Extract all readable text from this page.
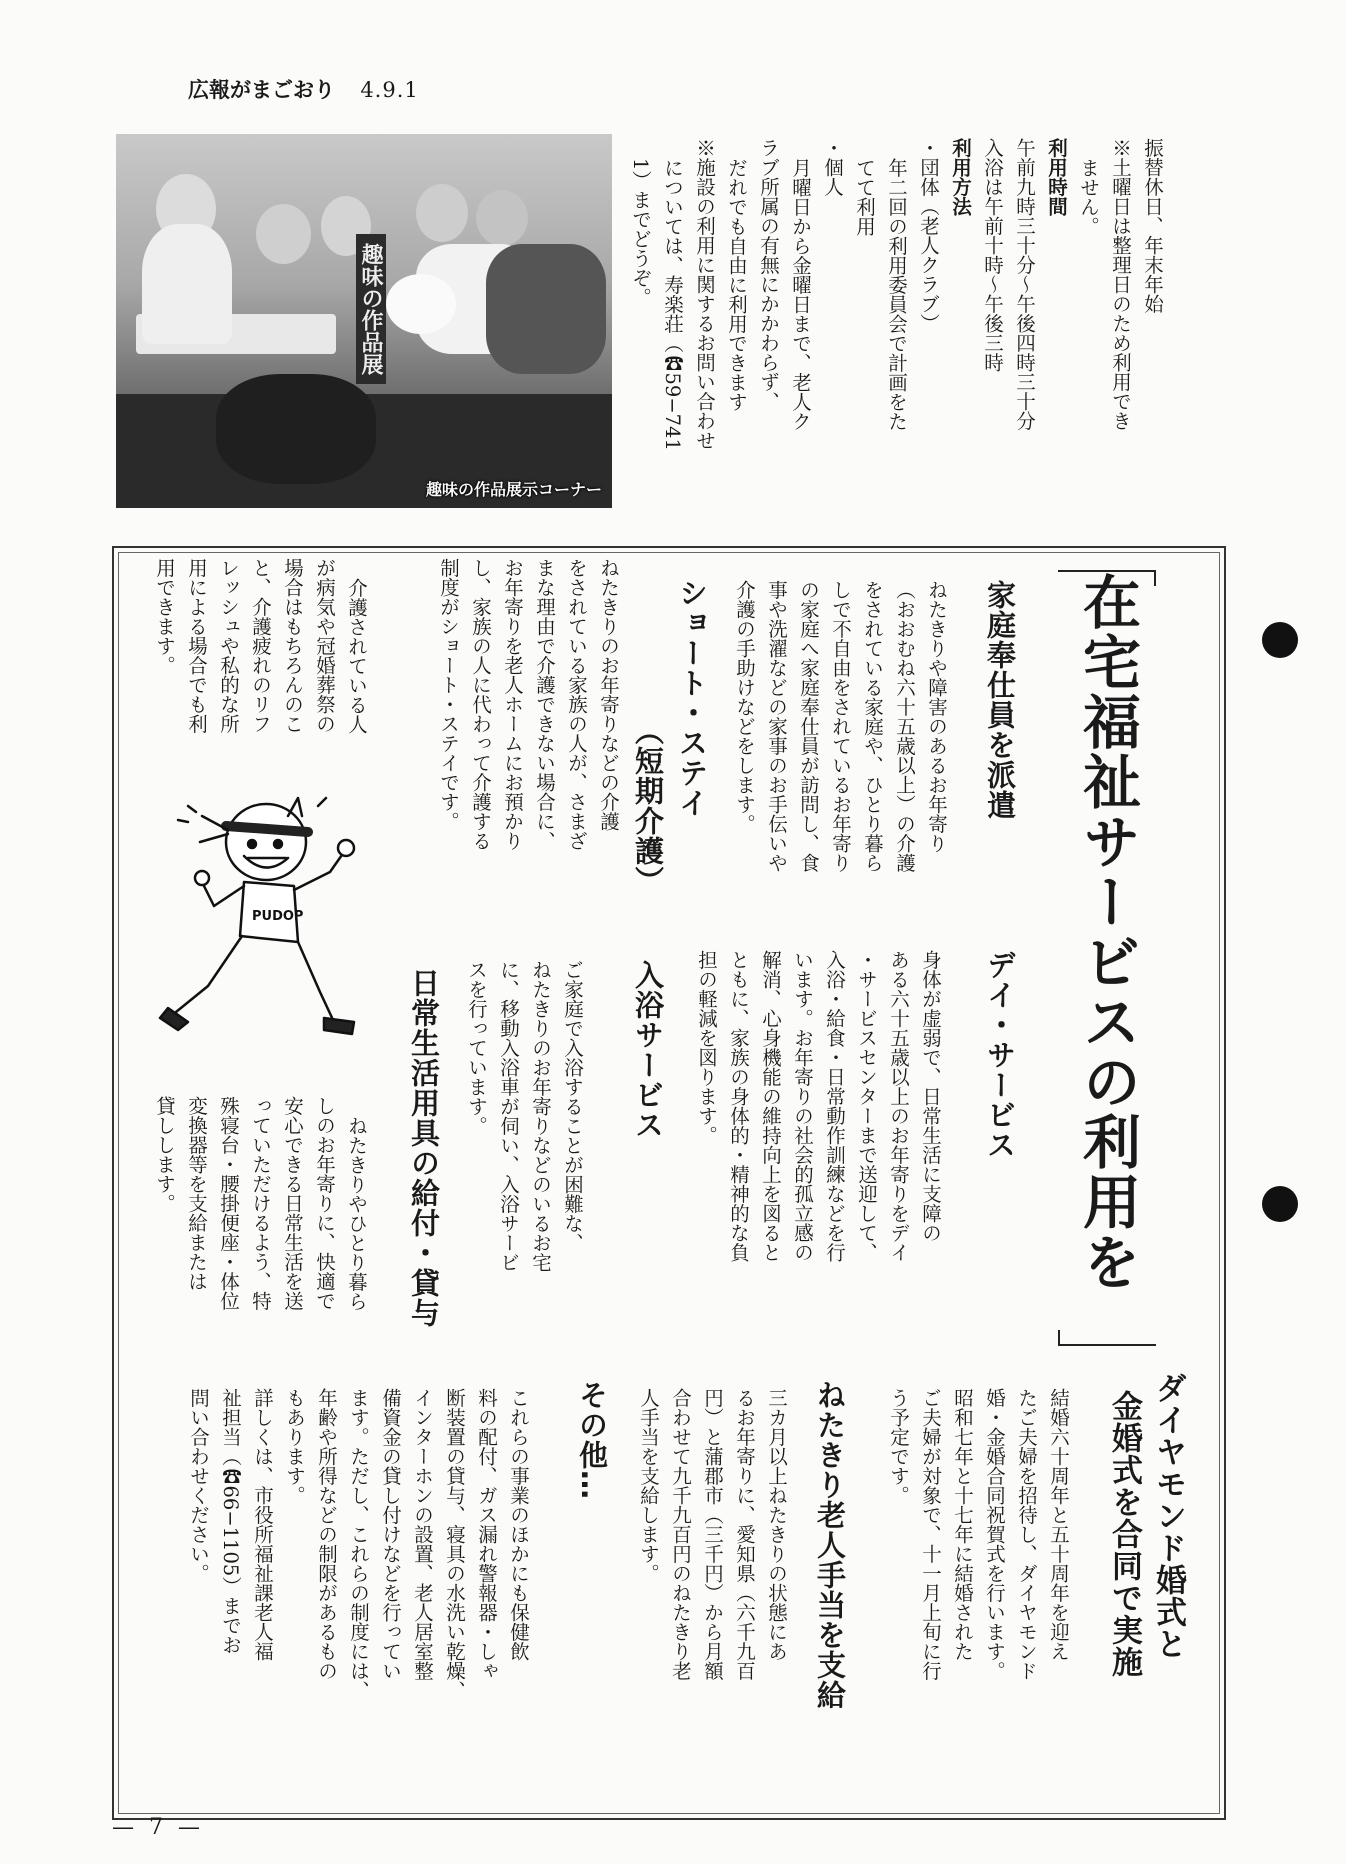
広報がまごおり 4.9.1
趣味の作品展
趣味の作品展示コーナー
振替休日、年末年始
※土曜日は整理日のため利用でき
ません。
利用時間
午前九時三十分〜午後四時三十分
入浴は午前十時〜午後三時
利用方法
・団体（老人クラブ）
年二回の利用委員会で計画をた
てて利用
・個人
月曜日から金曜日まで、老人ク
ラブ所属の有無にかかわらず、
だれでも自由に利用できます
※施設の利用に関するお問い合わせ
については、寿楽荘（☎59−741
1）までどうぞ。
在宅福祉サービスの利用を
家庭奉仕員を派遣
ねたきりや障害のあるお年寄り
（おおむね六十五歳以上）の介護
をされている家庭や、ひとり暮ら
しで不自由をされているお年寄り
の家庭へ家庭奉仕員が訪問し、食
事や洗濯などの家事のお手伝いや
介護の手助けなどをします。
ショート・ステイ
（短期介護）
ねたきりのお年寄りなどの介護
をされている家族の人が、さまざ
まな理由で介護できない場合に、
お年寄りを老人ホームにお預かり
し、家族の人に代わって介護する
制度がショート・ステイです。
介護されている人
が病気や冠婚葬祭の
場合はもちろんのこ
と、介護疲れのリフ
レッシュや私的な所
用による場合でも利
用できます。
PUDOP
デイ・サービス
身体が虚弱で、日常生活に支障の
ある六十五歳以上のお年寄りをデイ
・サービスセンターまで送迎して、
入浴・給食・日常動作訓練などを行
います。お年寄りの社会的孤立感の
解消、心身機能の維持向上を図ると
ともに、家族の身体的・精神的な負
担の軽減を図ります。
入浴サービス
ご家庭で入浴することが困難な、
ねたきりのお年寄りなどのいるお宅
に、移動入浴車が伺い、入浴サービ
スを行っています。
日常生活用具の給付・貸与
ねたきりやひとり暮ら
しのお年寄りに、快適で
安心できる日常生活を送
っていただけるよう、特
殊寝台・腰掛便座・体位
変換器等を支給または
貸しします。
ダイヤモンド婚式と
金婚式を合同で実施
結婚六十周年と五十周年を迎え
たご夫婦を招待し、ダイヤモンド
婚・金婚合同祝賀式を行います。
昭和七年と十七年に結婚された
ご夫婦が対象で、十一月上旬に行
う予定です。
ねたきり老人手当を支給
三カ月以上ねたきりの状態にあ
るお年寄りに、愛知県（六千九百
円）と蒲郡市（三千円）から月額
合わせて九千九百円のねたきり老
人手当を支給します。
その他…
これらの事業のほかにも保健飲
料の配付、ガス漏れ警報器・しゃ
断装置の貸与、寝具の水洗い乾燥、
インターホンの設置、老人居室整
備資金の貸し付けなどを行ってい
ます。ただし、これらの制度には、
年齢や所得などの制限があるもの
もあります。
詳しくは、市役所福祉課老人福
祉担当（☎66−1105）までお
問い合わせください。
— 7 —
